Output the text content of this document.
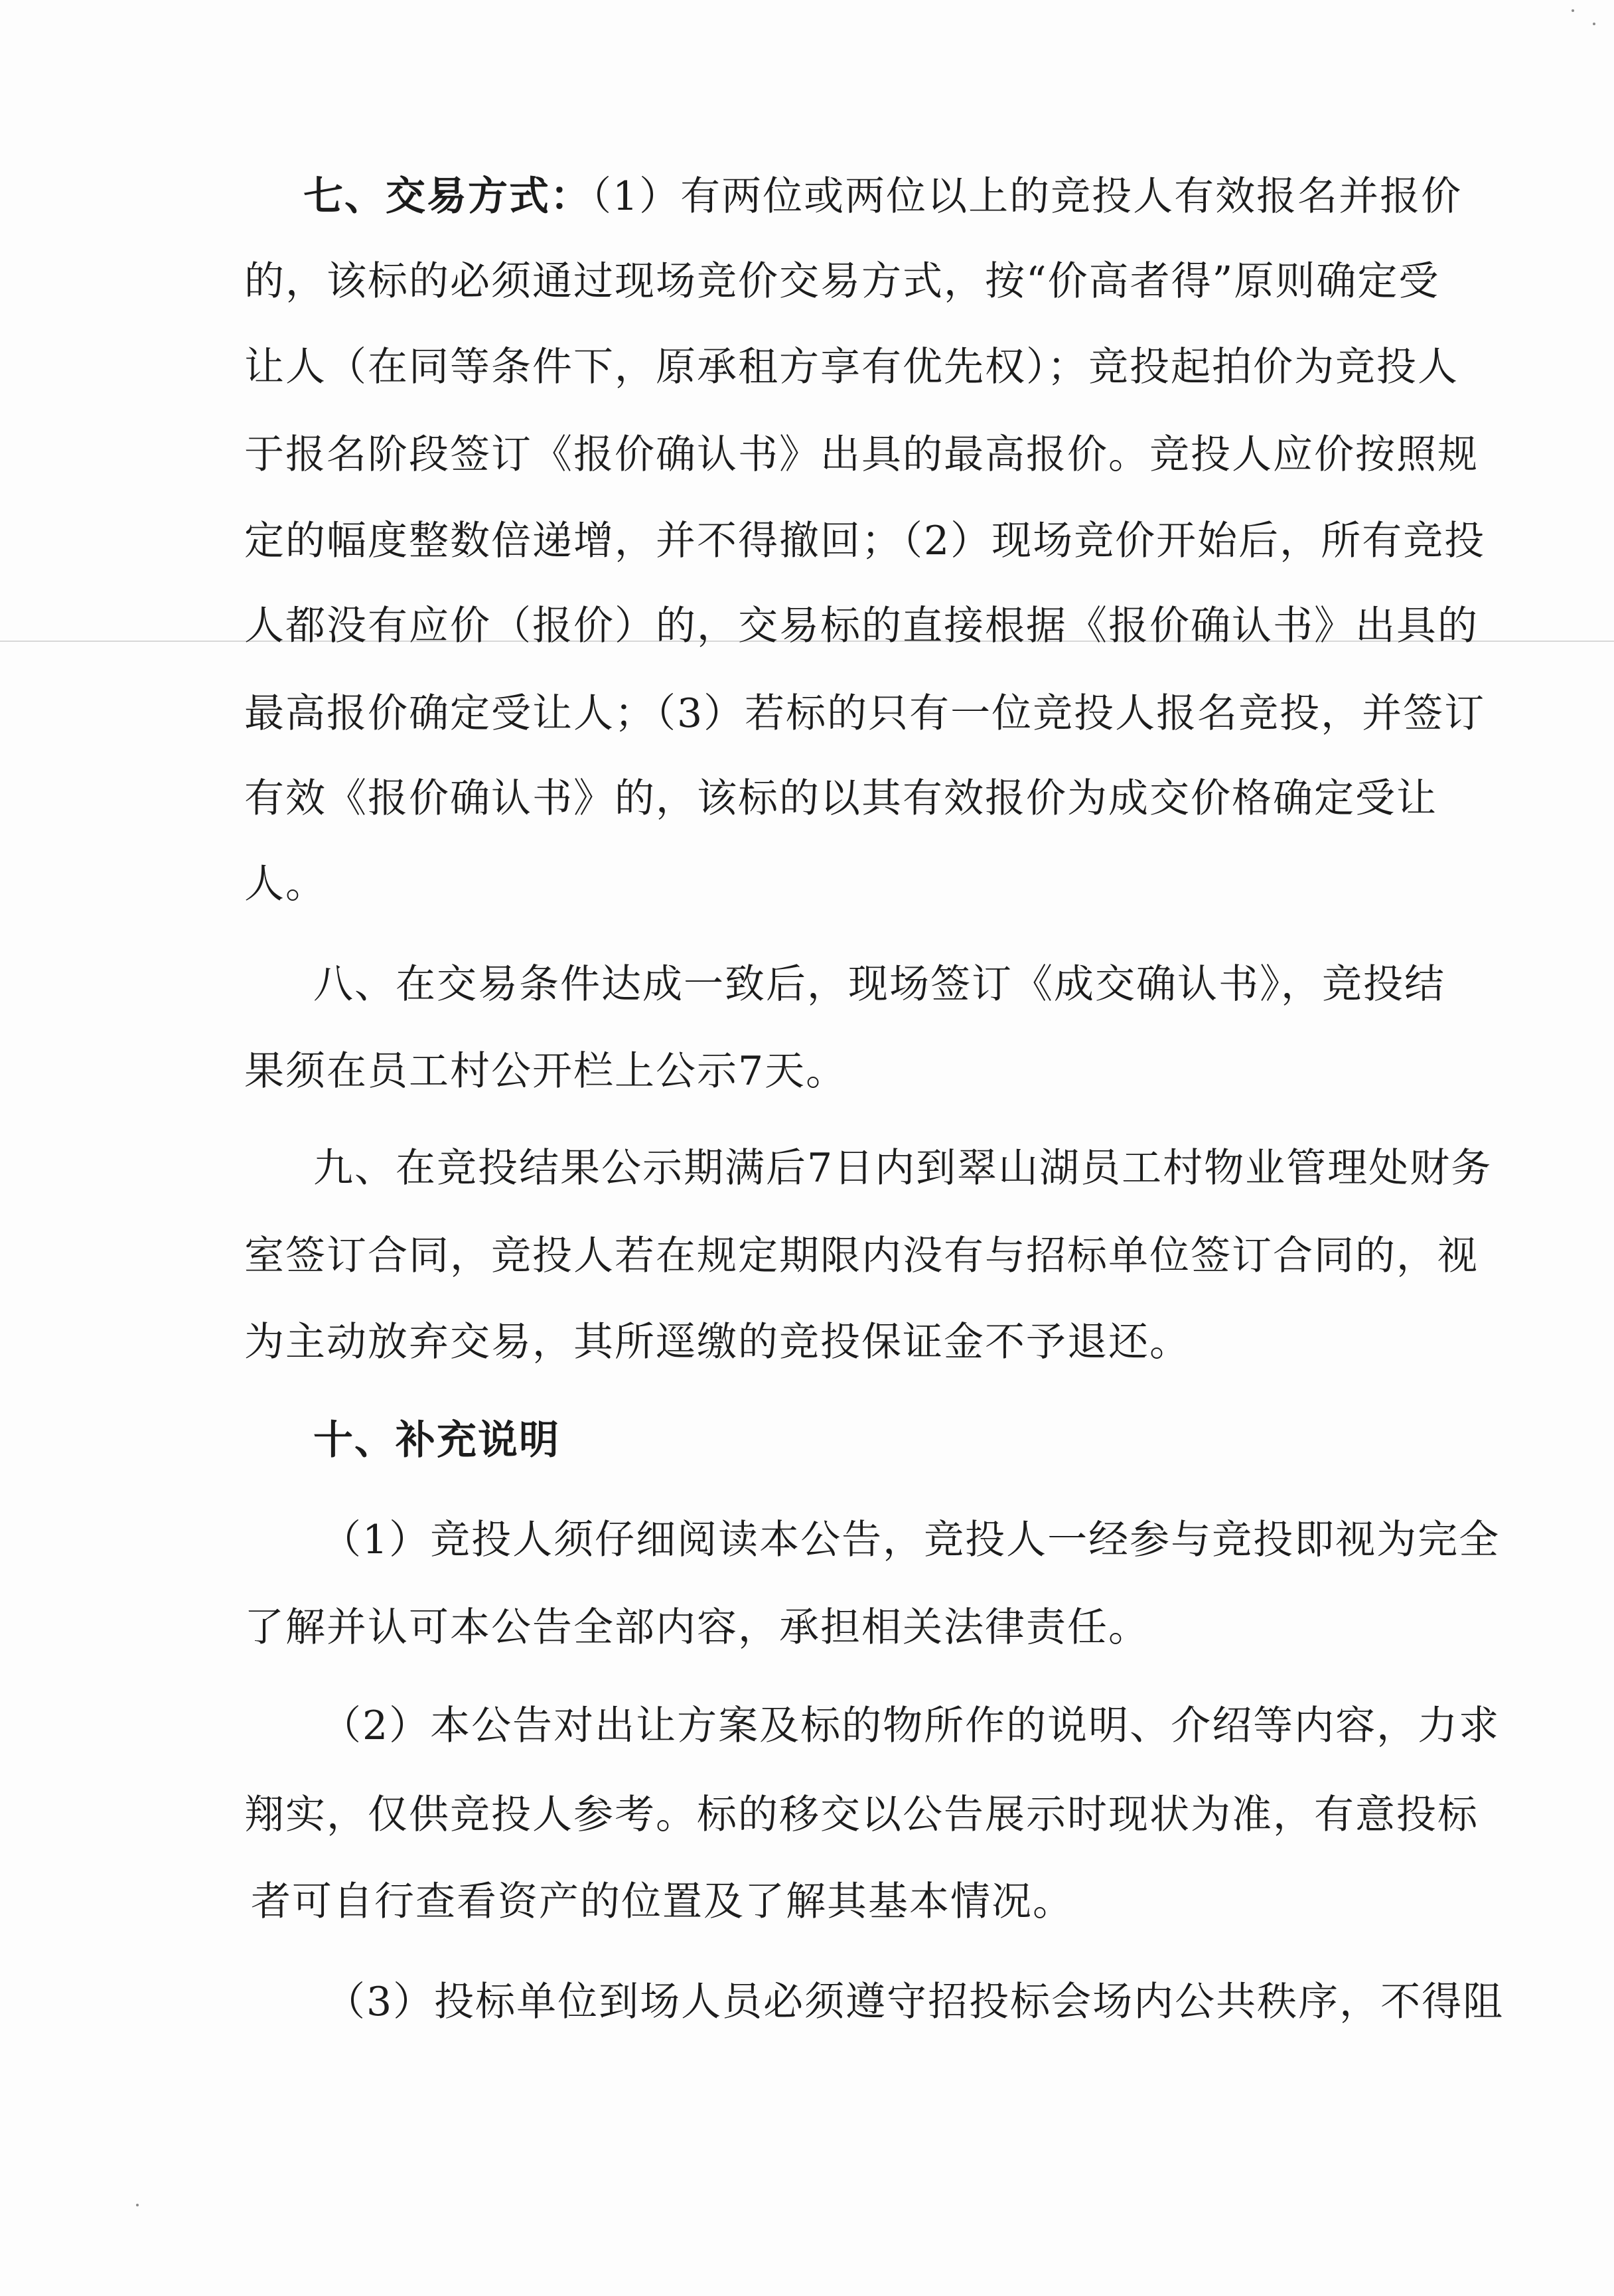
七、交易方式：（1）有两位或两位以上的竞投人有效报名并报价
的，该标的必须通过现场竞价交易方式，按“价高者得”原则确定受
让人（在同等条件下，原承租方享有优先权）；竞投起拍价为竞投人
于报名阶段签订《报价确认书》出具的最高报价。竞投人应价按照规
定的幅度整数倍递增，并不得撤回；（2）现场竞价开始后，所有竞投
人都没有应价（报价）的，交易标的直接根据《报价确认书》出具的
最高报价确定受让人；（3）若标的只有一位竞投人报名竞投，并签订
有效《报价确认书》的，该标的以其有效报价为成交价格确定受让
人。
八、在交易条件达成一致后，现场签订《成交确认书》，竞投结
果须在员工村公开栏上公示7天。
九、在竞投结果公示期满后7日内到翠山湖员工村物业管理处财务
室签订合同，竞投人若在规定期限内没有与招标单位签订合同的，视
为主动放弃交易，其所逕缴的竞投保证金不予退还。
十、补充说明
（1）竞投人须仔细阅读本公告，竞投人一经参与竞投即视为完全
了解并认可本公告全部内容，承担相关法律责任。
（2）本公告对出让方案及标的物所作的说明、介绍等内容，力求
翔实，仅供竞投人参考。标的移交以公告展示时现状为准，有意投标
者可自行查看资产的位置及了解其基本情况。
（3）投标单位到场人员必须遵守招投标会场内公共秩序，不得阻
